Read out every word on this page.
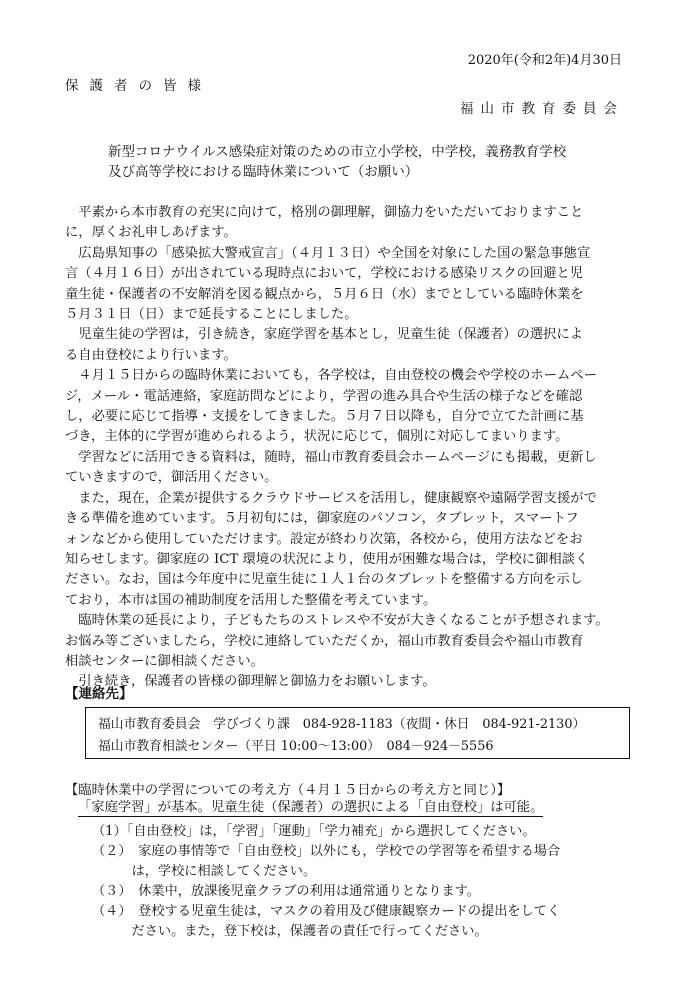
2020年(令和2年)4月30日
保護者の皆様
福山市教育委員会
新型コロナウイルス感染症対策のための市立小学校，中学校，義務教育学校
及び高等学校における臨時休業について（お願い）
　平素から本市教育の充実に向けて，格別の御理解，御協力をいただいておりますこと
に，厚くお礼申しあげます。
　広島県知事の「感染拡大警戒宣言」（４月１３日）や全国を対象にした国の緊急事態宣
言（４月１６日）が出されている現時点において，学校における感染リスクの回避と児
童生徒・保護者の不安解消を図る観点から，５月６日（水）までとしている臨時休業を
５月３１日（日）まで延長することにしました。
　児童生徒の学習は，引き続き，家庭学習を基本とし，児童生徒（保護者）の選択によ
る自由登校により行います。
　４月１５日からの臨時休業においても，各学校は，自由登校の機会や学校のホームペー
ジ，メール・電話連絡，家庭訪問などにより，学習の進み具合や生活の様子などを確認
し，必要に応じて指導・支援をしてきました。５月７日以降も，自分で立てた計画に基
づき，主体的に学習が進められるよう，状況に応じて，個別に対応してまいります。
　学習などに活用できる資料は，随時，福山市教育委員会ホームページにも掲載，更新し
ていきますので，御活用ください。
　また，現在，企業が提供するクラウドサービスを活用し，健康観察や遠隔学習支援がで
きる準備を進めています。５月初旬には，御家庭のパソコン，タブレット，スマートフ
ォンなどから使用していただけます。設定が終わり次第，各校から，使用方法などをお
知らせします。御家庭の ICT 環境の状況により，使用が困難な場合は，学校に御相談く
ださい。なお，国は今年度中に児童生徒に１人１台のタブレットを整備する方向を示し
ており，本市は国の補助制度を活用した整備を考えています。
　臨時休業の延長により，子どもたちのストレスや不安が大きくなることが予想されます。
お悩み等ございましたら，学校に連絡していただくか，福山市教育委員会や福山市教育
相談センターに御相談ください。
　引き続き，保護者の皆様の御理解と御協力をお願いします。
【連絡先】
福山市教育委員会　学びづくり課　084-928-1183（夜間・休日　084-921-2130）
福山市教育相談センター（平日 10:00～13:00）　084－924－5556
【臨時休業中の学習についての考え方（４月１５日からの考え方と同じ）】
「家庭学習」が基本。児童生徒（保護者）の選択による「自由登校」は可能。
（1）「自由登校」は，「学習」「運動」「学力補充」から選択してください。
（２）　家庭の事情等で「自由登校」以外にも，学校での学習等を希望する場合
　　　は，学校に相談してください。
（３）　休業中，放課後児童クラブの利用は通常通りとなります。
（４）　登校する児童生徒は，マスクの着用及び健康観察カードの提出をしてく
　　　ださい。また，登下校は，保護者の責任で行ってください。
